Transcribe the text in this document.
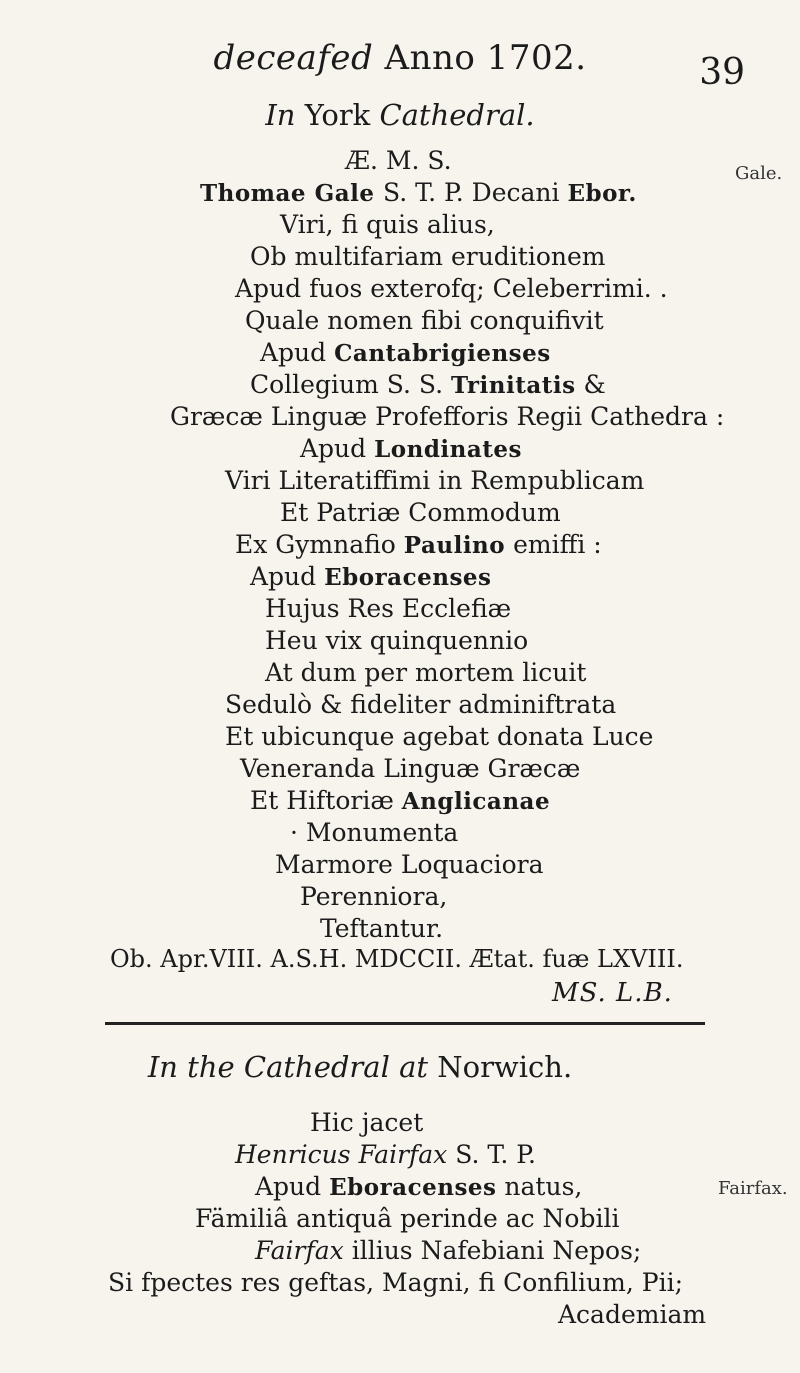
deceafed Anno 1702.	39
In York Cathedral.
Gale.
Æ. M. S.
Thomae Gale S. T. P. Decani Ebor.
Viri, fi quis alius,
Ob multifariam eruditionem
Apud fuos exterofq; Celeberrimi. .
Quale nomen fibi conquifivit
Apud Cantabrigienses
Collegium S. S. Trinitatis &
Græcæ Linguæ Profefforis Regii Cathedra :
Apud Londinates
Viri Literatiffimi in Rempublicam
Et Patriæ Commodum
Ex Gymnafio Paulino emiffi :
Apud Eboracenses
Hujus Res Ecclefiæ
Heu vix quinquennio
At dum per mortem licuit
Sedulò & fideliter adminiftrata
Et ubicunque agebat donata Luce
Veneranda Linguæ Græcæ
Et Hiftoriæ Anglicanae
· Monumenta
Marmore Loquaciora
Perenniora,
Teftantur.
Ob. Apr.VIII. A.S.H. MDCCII. Ætat. fuæ LXVIII.
MS. L.B.
In the Cathedral at Norwich.
Fairfax.
Hic jacet
Henricus Fairfax S. T. P.
Apud Eboracenses natus,
Fämiliâ antiquâ perinde ac Nobili
Fairfax illius Nafebiani Nepos;
Si fpectes res geftas, Magni, fi Confilium, Pii;
Academiam
